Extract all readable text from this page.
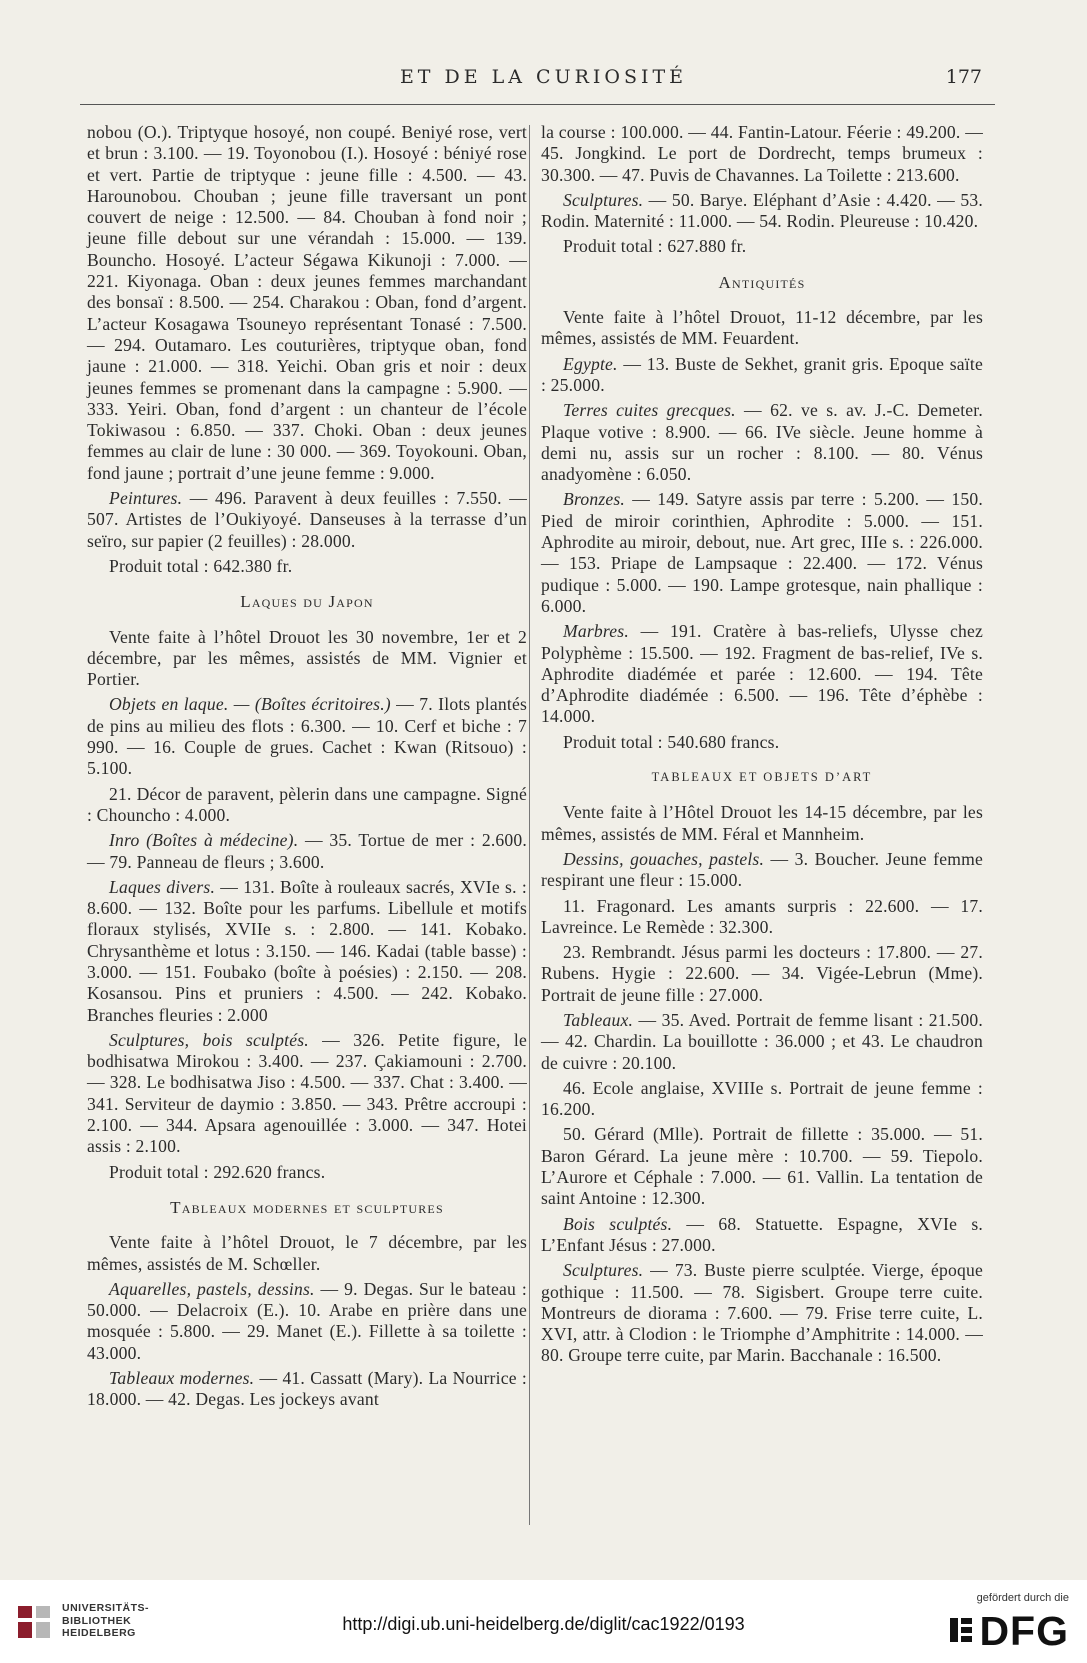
ET DE LA CURIOSITÉ	177

nobou (O.). Triptyque hosoyé, non coupé. Beniyé rose, vert et brun : 3.100. — 19. Toyonobou (I.). Hosoyé : béniyé rose et vert. Partie de triptyque : jeune fille : 4.500. — 43. Harounobou. Chouban ; jeune fille traversant un pont couvert de neige : 12.500. — 84. Chouban à fond noir ; jeune fille debout sur une vérandah : 15.000. — 139. Bouncho. Hosoyé. L’acteur Ségawa Kikunoji : 7.000. — 221. Kiyonaga. Oban : deux jeunes femmes marchandant des bonsaï : 8.500. — 254. Charakou : Oban, fond d’argent. L’acteur Kosagawa Tsouneyo représentant Tonasé : 7.500. — 294. Outamaro. Les couturières, triptyque oban, fond jaune : 21.000. — 318. Yeichi. Oban gris et noir : deux jeunes femmes se promenant dans la campagne : 5.900. — 333. Yeiri. Oban, fond d’argent : un chanteur de l’école Tokiwasou : 6.850. — 337. Choki. Oban : deux jeunes femmes au clair de lune : 30 000. — 369. Toyokouni. Oban, fond jaune ; portrait d’une jeune femme : 9.000.

Peintures. — 496. Paravent à deux feuilles : 7.550. — 507. Artistes de l’Oukiyoyé. Danseuses à la terrasse d’un seïro, sur papier (2 feuilles) : 28.000.

Produit total : 642.380 fr.

Laques du Japon

Vente faite à l’hôtel Drouot les 30 novembre, 1er et 2 décembre, par les mêmes, assistés de MM. Vignier et Portier.

Objets en laque. — (Boîtes écritoires.) — 7. Ilots plantés de pins au milieu des flots : 6.300. — 10. Cerf et biche : 7 990. — 16. Couple de grues. Cachet : Kwan (Ritsouo) : 5.100.

21. Décor de paravent, pèlerin dans une campagne. Signé : Chouncho : 4.000.

Inro (Boîtes à médecine). — 35. Tortue de mer : 2.600. — 79. Panneau de fleurs ; 3.600.

Laques divers. — 131. Boîte à rouleaux sacrés, XVIe s. : 8.600. — 132. Boîte pour les parfums. Libellule et motifs floraux stylisés, XVIIe s. : 2.800. — 141. Kobako. Chrysanthème et lotus : 3.150. — 146. Kadai (table basse) : 3.000. — 151. Foubako (boîte à poésies) : 2.150. — 208. Kosansou. Pins et pruniers : 4.500. — 242. Kobako. Branches fleuries : 2.000

Sculptures, bois sculptés. — 326. Petite figure, le bodhisatwa Mirokou : 3.400. — 237. Çakiamouni : 2.700. — 328. Le bodhisatwa Jiso : 4.500. — 337. Chat : 3.400. — 341. Serviteur de daymio : 3.850. — 343. Prêtre accroupi : 2.100. — 344. Apsara agenouillée : 3.000. — 347. Hotei assis : 2.100.

Produit total : 292.620 francs.

Tableaux modernes et sculptures

Vente faite à l’hôtel Drouot, le 7 décembre, par les mêmes, assistés de M. Schœller.

Aquarelles, pastels, dessins. — 9. Degas. Sur le bateau : 50.000. — Delacroix (E.). 10. Arabe en prière dans une mosquée : 5.800. — 29. Manet (E.). Fillette à sa toilette : 43.000.

Tableaux modernes. — 41. Cassatt (Mary). La Nourrice : 18.000. — 42. Degas. Les jockeys avant

la course : 100.000. — 44. Fantin-Latour. Féerie : 49.200. — 45. Jongkind. Le port de Dordrecht, temps brumeux : 30.300. — 47. Puvis de Chavannes. La Toilette : 213.600.

Sculptures. — 50. Barye. Eléphant d’Asie : 4.420. — 53. Rodin. Maternité : 11.000. — 54. Rodin. Pleureuse : 10.420.

Produit total : 627.880 fr.

Antiquités

Vente faite à l’hôtel Drouot, 11-12 décembre, par les mêmes, assistés de MM. Feuardent.

Egypte. — 13. Buste de Sekhet, granit gris. Epoque saïte : 25.000.

Terres cuites grecques. — 62. ve s. av. J.-C. Demeter. Plaque votive : 8.900. — 66. IVe siècle. Jeune homme à demi nu, assis sur un rocher : 8.100. — 80. Vénus anadyomène : 6.050.

Bronzes. — 149. Satyre assis par terre : 5.200. — 150. Pied de miroir corinthien, Aphrodite : 5.000. — 151. Aphrodite au miroir, debout, nue. Art grec, IIIe s. : 226.000. — 153. Priape de Lampsaque : 22.400. — 172. Vénus pudique : 5.000. — 190. Lampe grotesque, nain phallique : 6.000.

Marbres. — 191. Cratère à bas-reliefs, Ulysse chez Polyphème : 15.500. — 192. Fragment de bas-relief, IVe s. Aphrodite diadémée et parée : 12.600. — 194. Tête d’Aphrodite diadémée : 6.500. — 196. Tête d’éphèbe : 14.000.

Produit total : 540.680 francs.

TABLEAUX ET OBJETS D’ART

Vente faite à l’Hôtel Drouot les 14-15 décembre, par les mêmes, assistés de MM. Féral et Mannheim.

Dessins, gouaches, pastels. — 3. Boucher. Jeune femme respirant une fleur : 15.000.

11. Fragonard. Les amants surpris : 22.600. — 17. Lavreince. Le Remède : 32.300.

23. Rembrandt. Jésus parmi les docteurs : 17.800. — 27. Rubens. Hygie : 22.600. — 34. Vigée-Lebrun (Mme). Portrait de jeune fille : 27.000.

Tableaux. — 35. Aved. Portrait de femme lisant : 21.500. — 42. Chardin. La bouillotte : 36.000 ; et 43. Le chaudron de cuivre : 20.100.

46. Ecole anglaise, XVIIIe s. Portrait de jeune femme : 16.200.

50. Gérard (Mlle). Portrait de fillette : 35.000. — 51. Baron Gérard. La jeune mère : 10.700. — 59. Tiepolo. L’Aurore et Céphale : 7.000. — 61. Vallin. La tentation de saint Antoine : 12.300.

Bois sculptés. — 68. Statuette. Espagne, XVIe s. L’Enfant Jésus : 27.000.

Sculptures. — 73. Buste pierre sculptée. Vierge, époque gothique : 11.500. — 78. Sigisbert. Groupe terre cuite. Montreurs de diorama : 7.600. — 79. Frise terre cuite, L. XVI, attr. à Clodion : le Triomphe d’Amphitrite : 14.000. — 80. Groupe terre cuite, par Marin. Bacchanale : 16.500.

UNIVERSITÄTS-
BIBLIOTHEK
HEIDELBERG	http://digi.ub.uni-heidelberg.de/diglit/cac1922/0193
gefördert durch die
DFG
